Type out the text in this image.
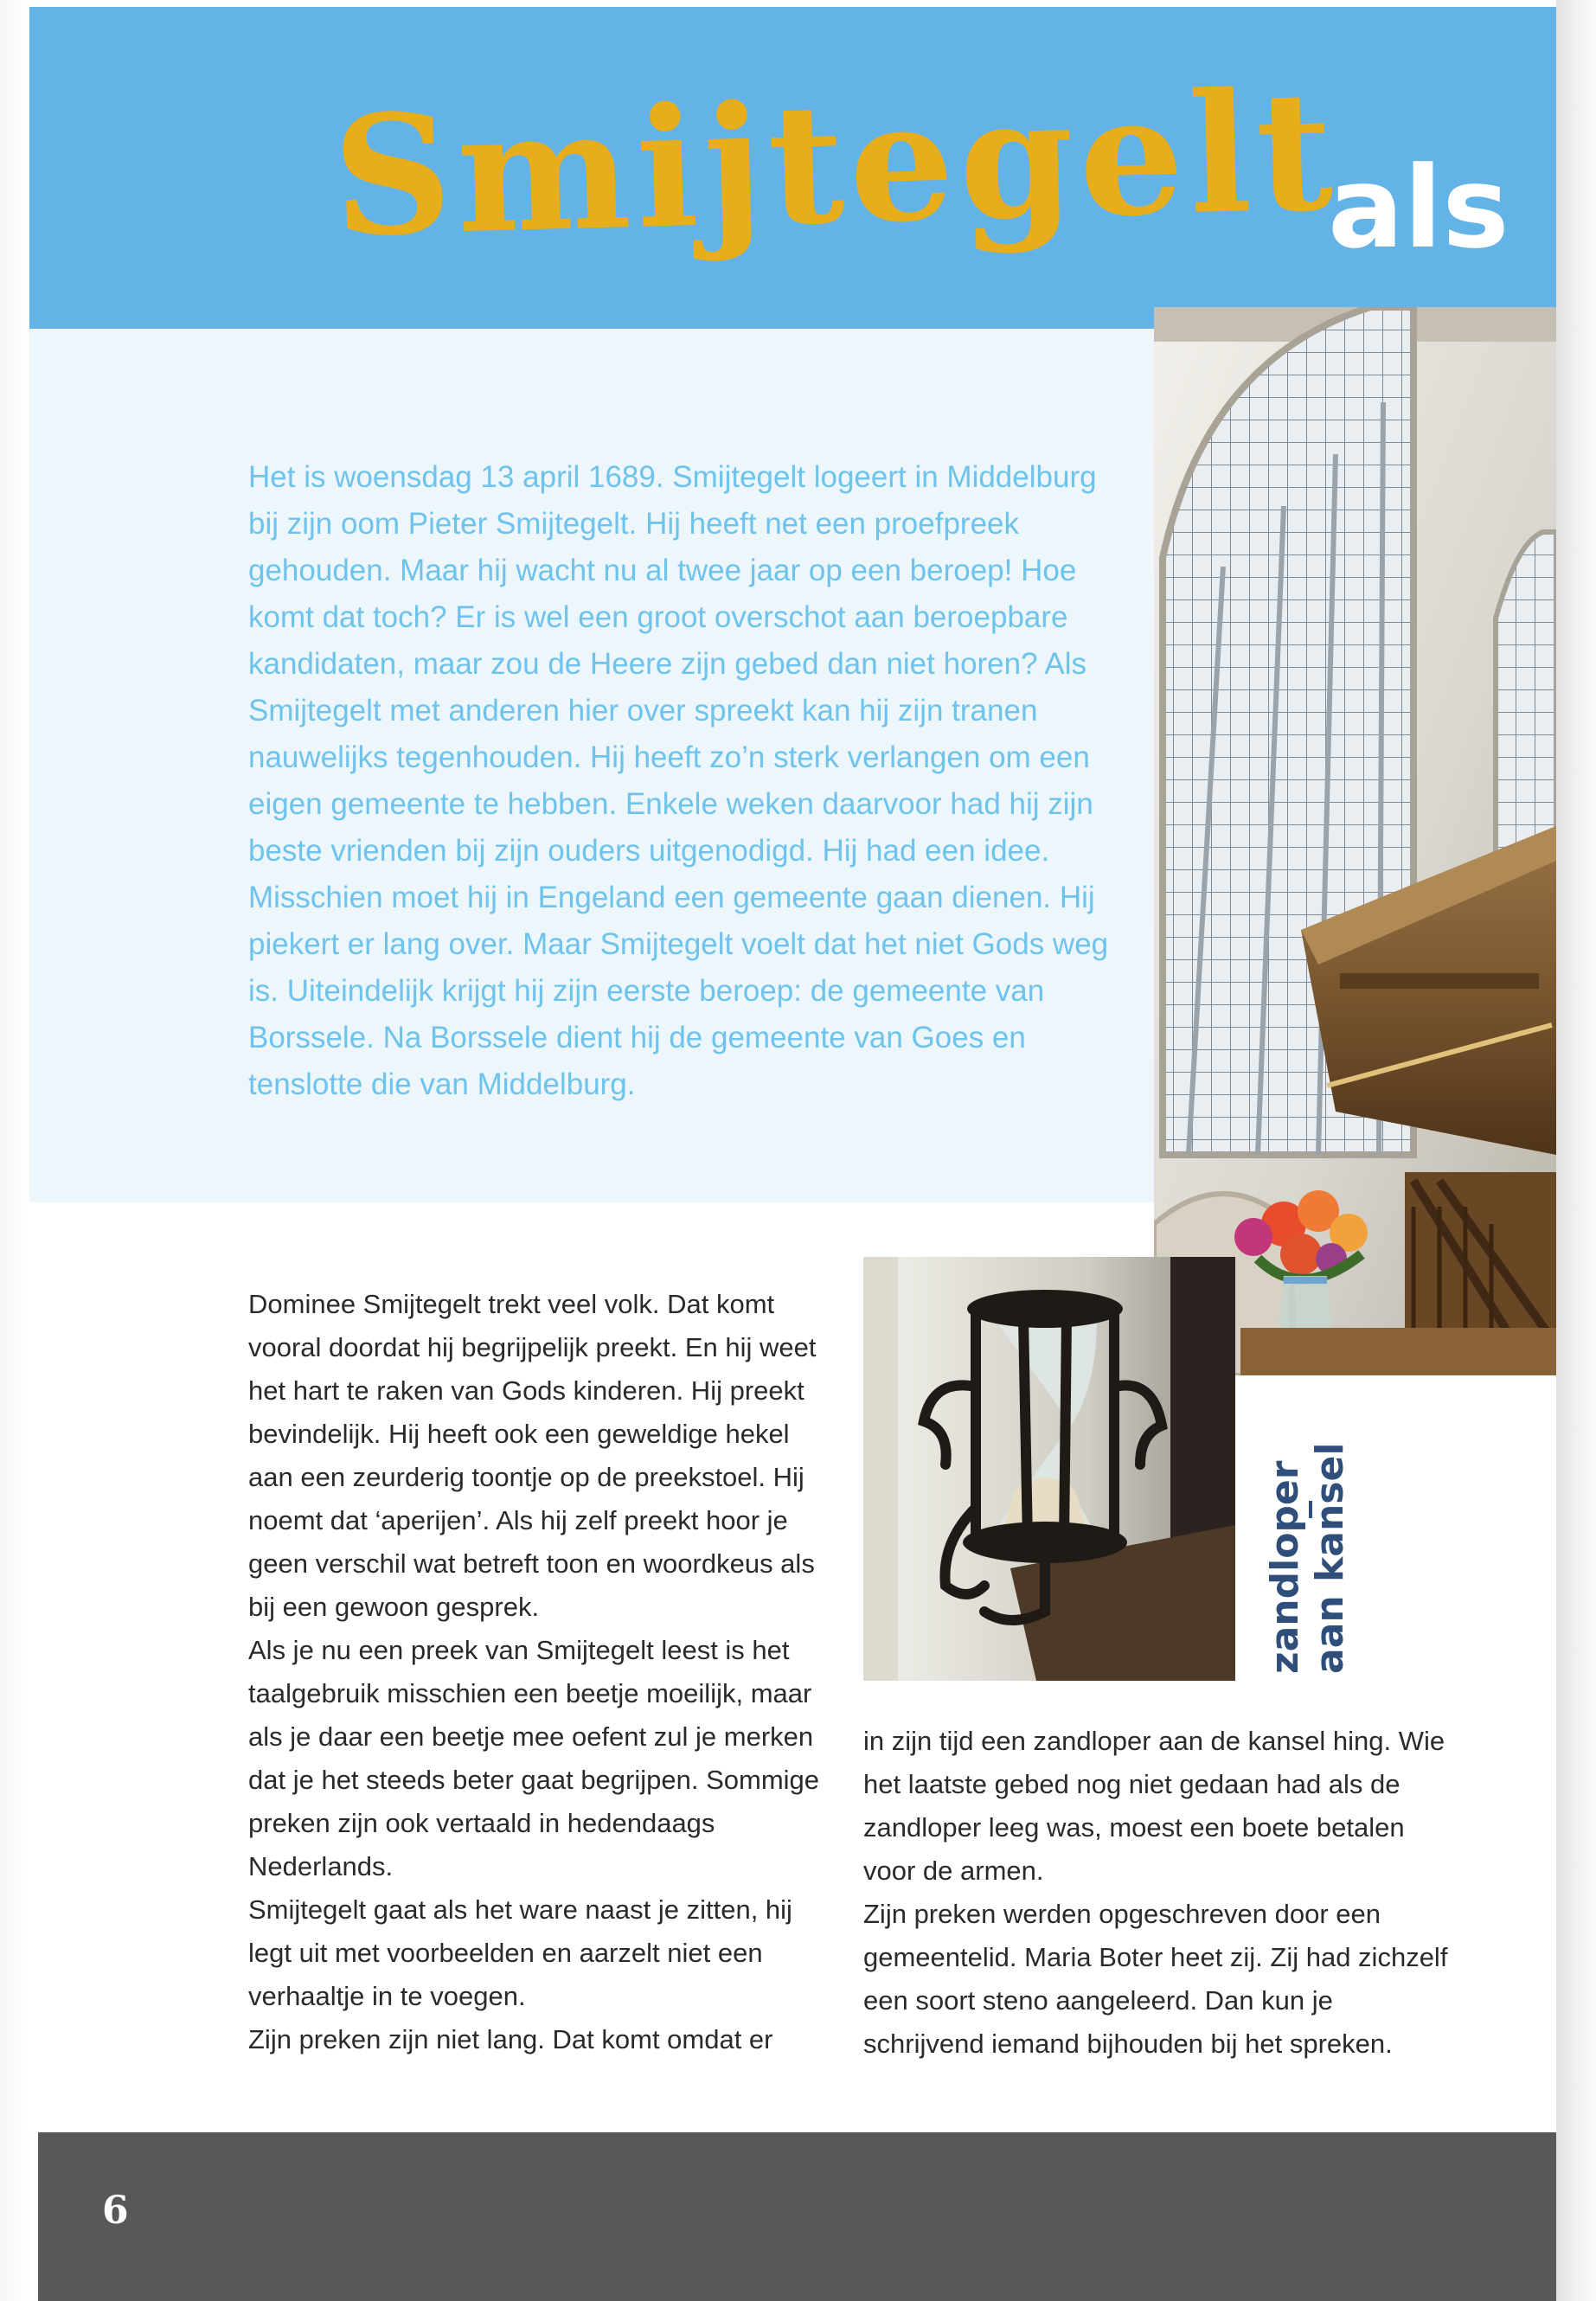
Smijtegelt
als

Het is woensdag 13 april 1689. Smijtegelt logeert in Middelburg bij zijn oom Pieter Smijtegelt. Hij heeft net een proefpreek gehouden. Maar hij wacht nu al twee jaar op een beroep! Hoe komt dat toch? Er is wel een groot overschot aan beroepbare kandidaten, maar zou de Heere zijn gebed dan niet horen? Als Smijtegelt met anderen hier over spreekt kan hij zijn tranen nauwelijks tegenhouden. Hij heeft zo’n sterk verlangen om een eigen gemeente te hebben. Enkele weken daarvoor had hij zijn beste vrienden bij zijn ouders uitgenodigd. Hij had een idee. Misschien moet hij in Engeland een gemeente gaan dienen. Hij piekert er lang over. Maar Smijtegelt voelt dat het niet Gods weg is. Uiteindelijk krijgt hij zijn eerste beroep: de gemeente van Borssele. Na Borssele dient hij de gemeente van Goes en tenslotte die van Middelburg.

zandloper aan kansel

Dominee Smijtegelt trekt veel volk. Dat komt vooral doordat hij begrijpelijk preekt. En hij weet het hart te raken van Gods kinderen. Hij preekt bevindelijk. Hij heeft ook een geweldige hekel aan een zeurderig toontje op de preekstoel. Hij noemt dat ‘aperijen’. Als hij zelf preekt hoor je geen verschil wat betreft toon en woordkeus als bij een gewoon gesprek.

Als je nu een preek van Smijtegelt leest is het taalgebruik misschien een beetje moeilijk, maar als je daar een beetje mee oefent zul je merken dat je het steeds beter gaat begrijpen. Sommige preken zijn ook vertaald in hedendaags Nederlands.

Smijtegelt gaat als het ware naast je zitten, hij legt uit met voorbeelden en aarzelt niet een verhaaltje in te voegen.

Zijn preken zijn niet lang. Dat komt omdat er

in zijn tijd een zandloper aan de kansel hing. Wie het laatste gebed nog niet gedaan had als de zandloper leeg was, moest een boete betalen voor de armen.

Zijn preken werden opgeschreven door een gemeentelid. Maria Boter heet zij. Zij had zichzelf een soort steno aangeleerd. Dan kun je schrijvend iemand bijhouden bij het spreken.

6
